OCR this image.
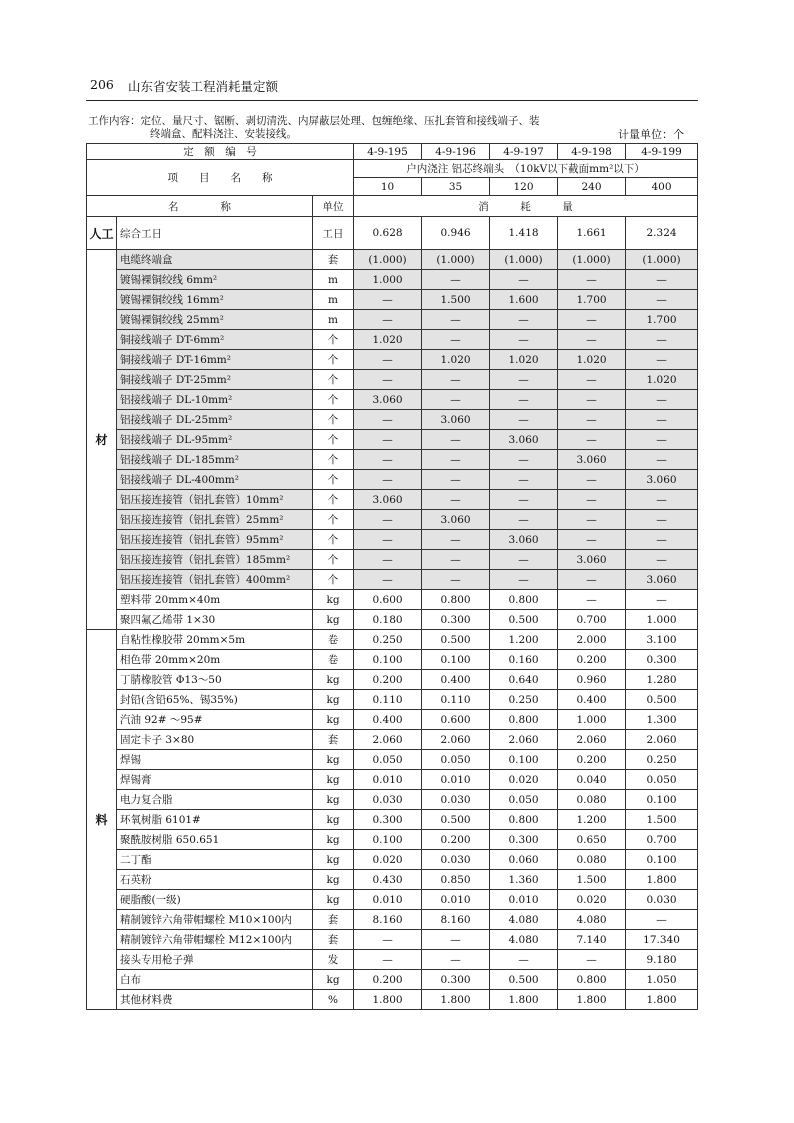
206 山东省安装工程消耗量定额
工作内容：定位、量尺寸、锯断、剥切清洗、内屏蔽层处理、包缠绝缘、压扎套管和接线端子、装
终端盒、配料浇注、安装接线。	计量单位：个
定　额　编　号			4-9-195	4-9-196	4-9-197	4-9-198	4-9-199
项　　目　　名　　称			户内浇注 铝芯终端头　（10kV以下截面mm²以下）				
			10	35	120	240	400
名　　　　称		单位	消　　　耗　　　量				
人工	综合工日	工日	0.628	0.946	1.418	1.661	2.324
材	电缆终端盒	套	(1.000)	(1.000)	(1.000)	(1.000)	(1.000)
	镀锡裸铜绞线 6mm²	m	1.000	—	—	—	—
	镀锡裸铜绞线 16mm²	m	—	1.500	1.600	1.700	—
	镀锡裸铜绞线 25mm²	m	—	—	—	—	1.700
	铜接线端子 DT-6mm²	个	1.020	—	—	—	—
	铜接线端子 DT-16mm²	个	—	1.020	1.020	1.020	—
	铜接线端子 DT-25mm²	个	—	—	—	—	1.020
	铝接线端子 DL-10mm²	个	3.060	—	—	—	—
	铝接线端子 DL-25mm²	个	—	3.060	—	—	—
	铝接线端子 DL-95mm²	个	—	—	3.060	—	—
	铝接线端子 DL-185mm²	个	—	—	—	3.060	—
	铝接线端子 DL-400mm²	个	—	—	—	—	3.060
	铝压接连接管（铝扎套管）10mm²	个	3.060	—	—	—	—
	铝压接连接管（铝扎套管）25mm²	个	—	3.060	—	—	—
	铝压接连接管（铝扎套管）95mm²	个	—	—	3.060	—	—
	铝压接连接管（铝扎套管）185mm²	个	—	—	—	3.060	—
	铝压接连接管（铝扎套管）400mm²	个	—	—	—	—	3.060
	塑料带 20mm×40m	kg	0.600	0.800	0.800	—	—
	聚四氟乙烯带 1×30	kg	0.180	0.300	0.500	0.700	1.000
料	自粘性橡胶带 20mm×5m	卷	0.250	0.500	1.200	2.000	3.100
	相色带 20mm×20m	卷	0.100	0.100	0.160	0.200	0.300
	丁腈橡胶管 Φ13～50	kg	0.200	0.400	0.640	0.960	1.280
	封铅(含铅65%、锡35%)	kg	0.110	0.110	0.250	0.400	0.500
	汽油 92# ～95#	kg	0.400	0.600	0.800	1.000	1.300
	固定卡子 3×80	套	2.060	2.060	2.060	2.060	2.060
	焊锡	kg	0.050	0.050	0.100	0.200	0.250
	焊锡膏	kg	0.010	0.010	0.020	0.040	0.050
	电力复合脂	kg	0.030	0.030	0.050	0.080	0.100
	环氧树脂 6101#	kg	0.300	0.500	0.800	1.200	1.500
	聚酰胺树脂 650.651	kg	0.100	0.200	0.300	0.650	0.700
	二丁酯	kg	0.020	0.030	0.060	0.080	0.100
	石英粉	kg	0.430	0.850	1.360	1.500	1.800
	硬脂酸(一级)	kg	0.010	0.010	0.010	0.020	0.030
	精制镀锌六角带帽螺栓 M10×100内	套	8.160	8.160	4.080	4.080	—
	精制镀锌六角带帽螺栓 M12×100内	套	—	—	4.080	7.140	17.340
	接头专用枪子弹	发	—	—	—	—	9.180
	白布	kg	0.200	0.300	0.500	0.800	1.050
	其他材料费	%	1.800	1.800	1.800	1.800	1.800
